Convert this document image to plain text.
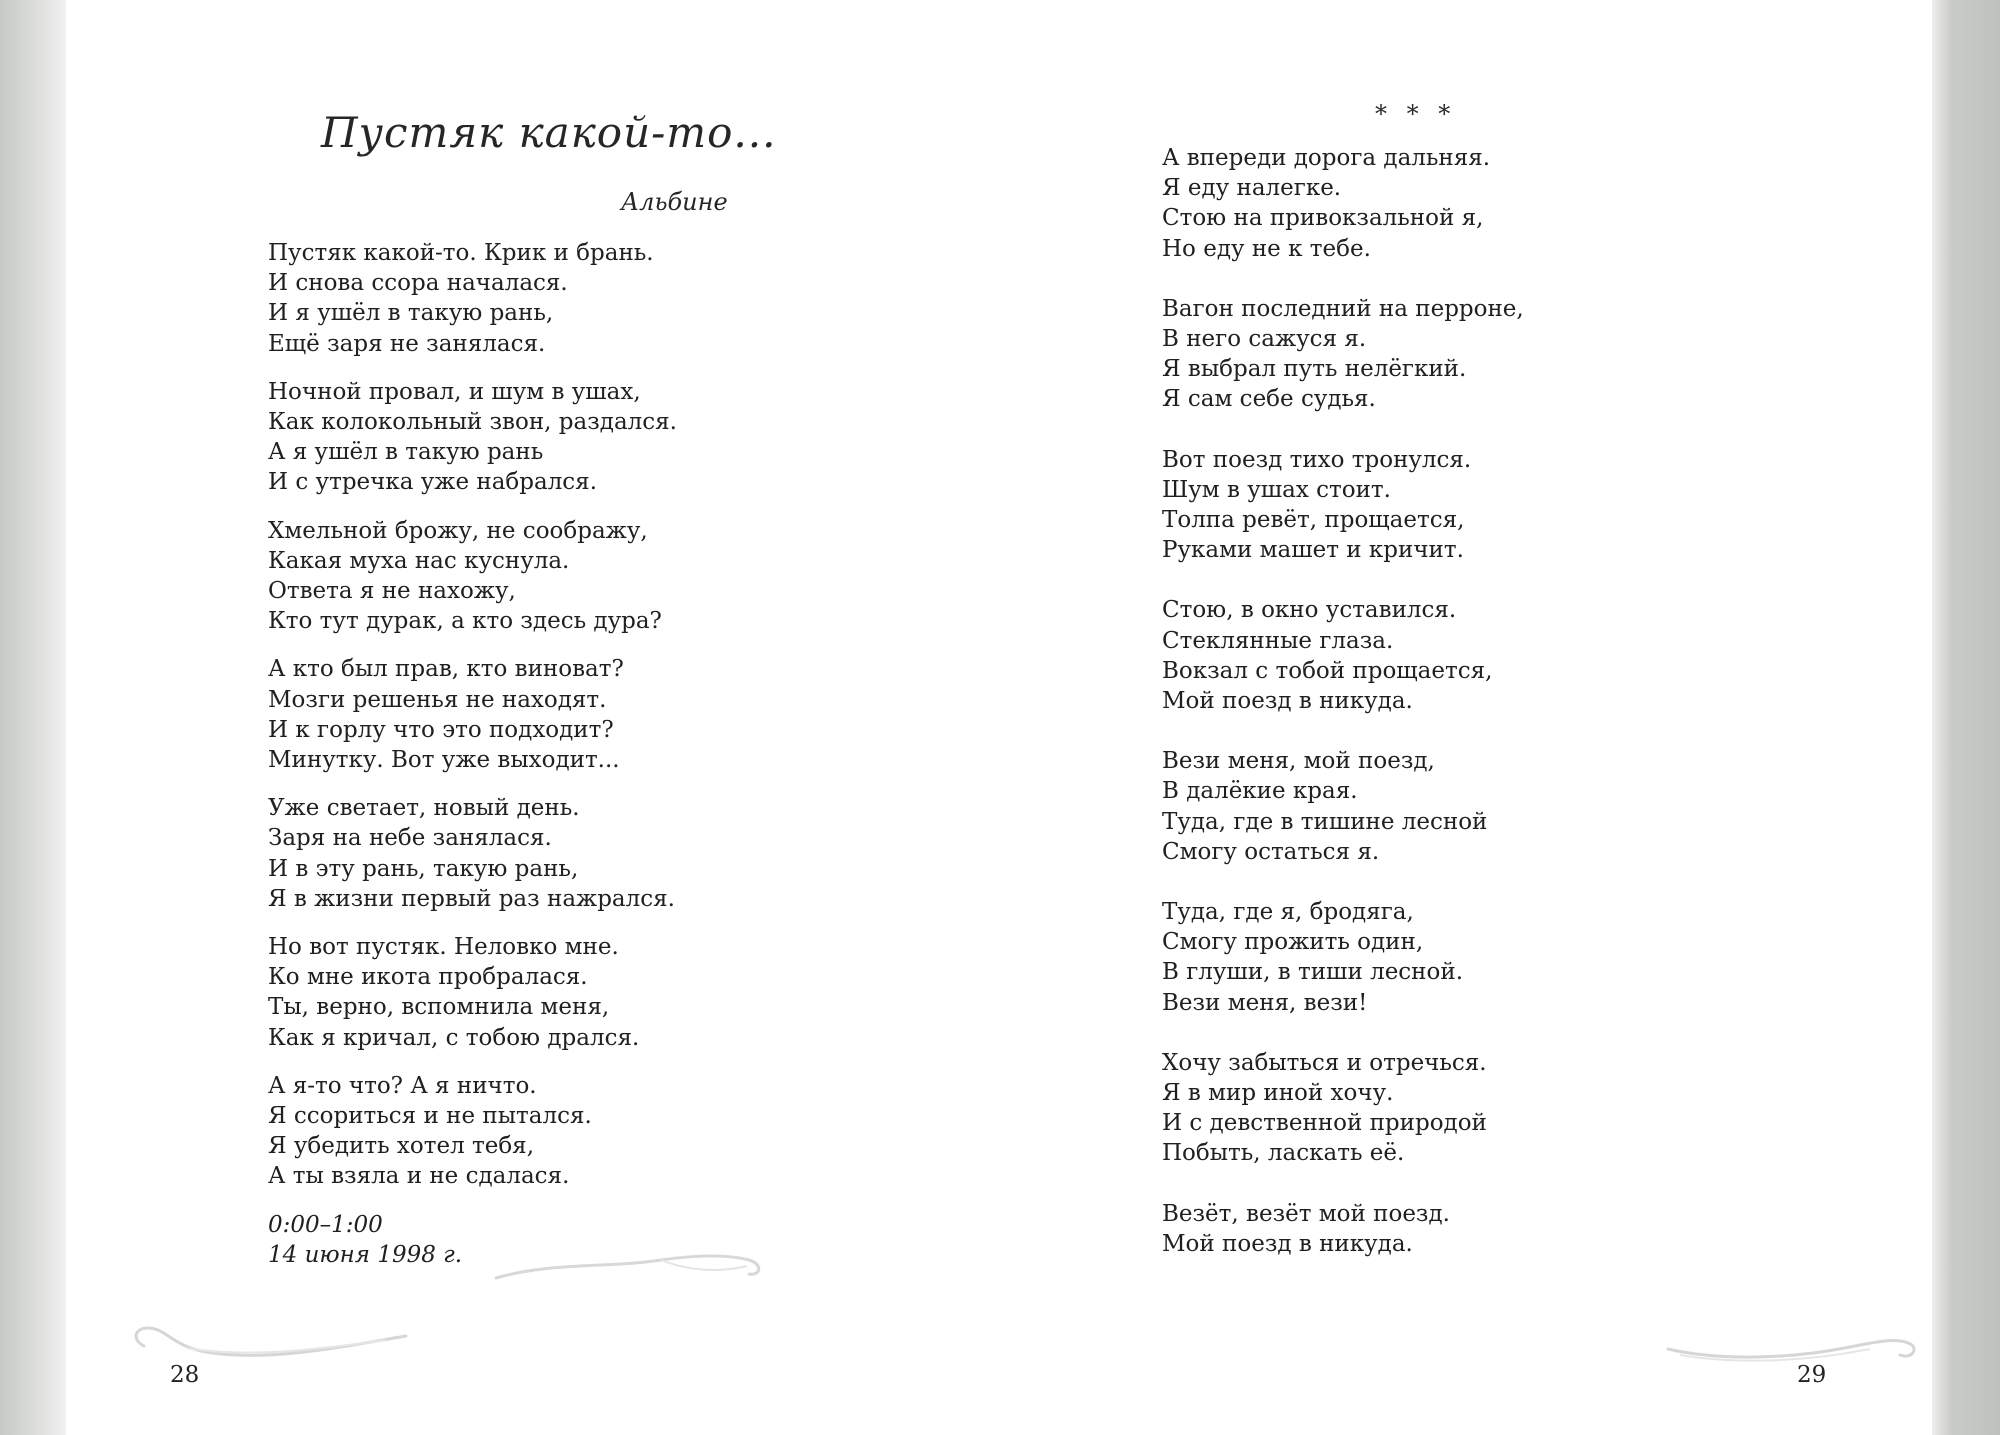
Пустяк какой-то...
Альбине
Пустяк какой-то. Крик и брань.
И снова ссора началася.
И я ушёл в такую рань,
Ещё заря не занялася.
Ночной провал, и шум в ушах,
Как колокольный звон, раздался.
А я ушёл в такую рань
И с утречка уже набрался.
Хмельной брожу, не соображу,
Какая муха нас куснула.
Ответа я не нахожу,
Кто тут дурак, а кто здесь дура?
А кто был прав, кто виноват?
Мозги решенья не находят.
И к горлу что это подходит?
Минутку. Вот уже выходит...
Уже светает, новый день.
Заря на небе занялася.
И в эту рань, такую рань,
Я в жизни первый раз нажрался.
Но вот пустяк. Неловко мне.
Ко мне икота пробралася.
Ты, верно, вспомнила меня,
Как я кричал, с тобою дрался.
А я-то что? А я ничто.
Я ссориться и не пытался.
Я убедить хотел тебя,
А ты взяла и не сдалася.
0:00–1:00
14 июня 1998 г.
28
* * *
А впереди дорога дальняя.
Я еду налегке.
Стою на привокзальной я,
Но еду не к тебе.
Вагон последний на перроне,
В него сажуся я.
Я выбрал путь нелёгкий.
Я сам себе судья.
Вот поезд тихо тронулся.
Шум в ушах стоит.
Толпа ревёт, прощается,
Руками машет и кричит.
Стою, в окно уставился.
Стеклянные глаза.
Вокзал с тобой прощается,
Мой поезд в никуда.
Вези меня, мой поезд,
В далёкие края.
Туда, где в тишине лесной
Смогу остаться я.
Туда, где я, бродяга,
Смогу прожить один,
В глуши, в тиши лесной.
Вези меня, вези!
Хочу забыться и отречься.
Я в мир иной хочу.
И с девственной природой
Побыть, ласкать её.
Везёт, везёт мой поезд.
Мой поезд в никуда.
29
